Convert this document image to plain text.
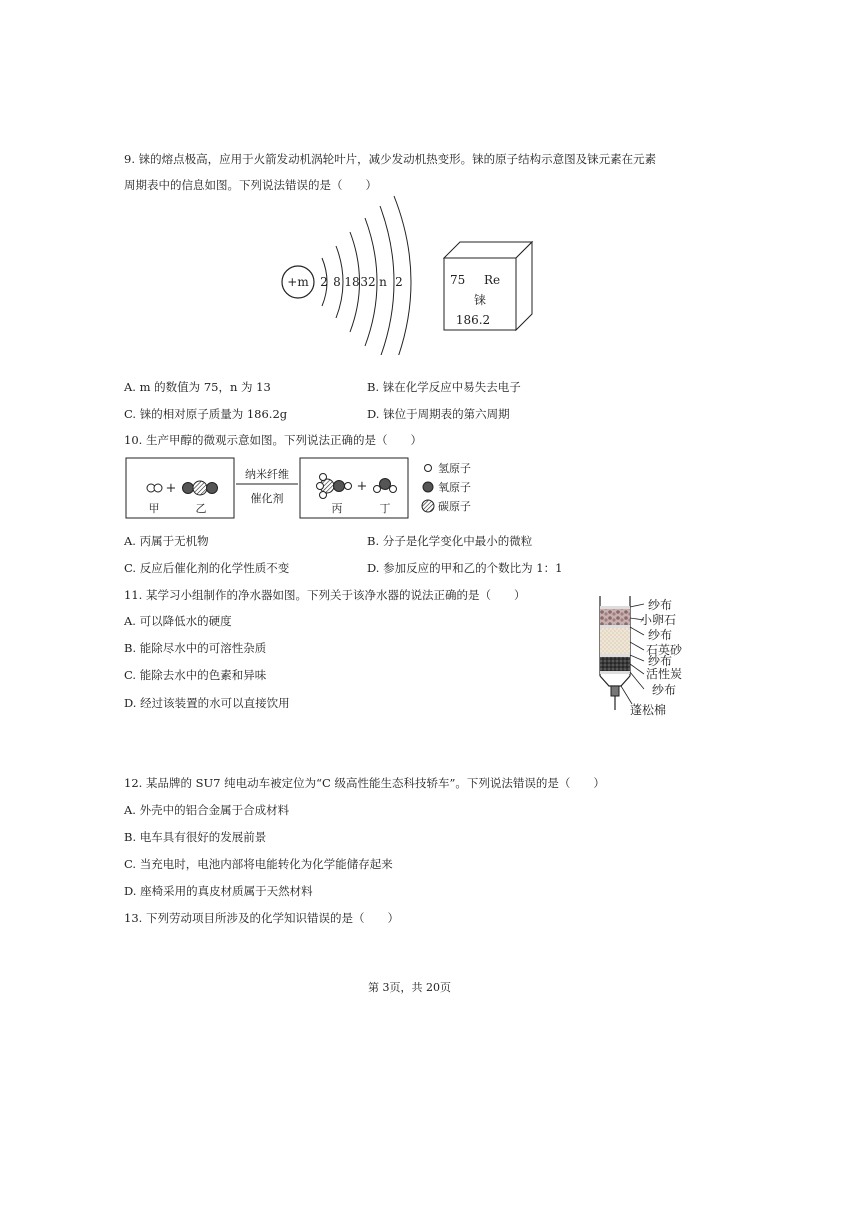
9. 铼的熔点极高，应用于火箭发动机涡轮叶片，减少发动机热变形。铼的原子结构示意图及铼元素在元素
周期表中的信息如图。下列说法错误的是（　　）
+m 2 8 18 32 n 2	75 Re
铼
186.2
A. m 的数值为 75，n 为 13	B. 铼在化学反应中易失去电子
C. 铼的相对原子质量为 186.2g	D. 铼位于周期表的第六周期
10. 生产甲醇的微观示意如图。下列说法正确的是（　　）
+
甲	乙
纳米纤维
催化剂
+
丙	丁
氢原子
氧原子
碳原子
A. 丙属于无机物	B. 分子是化学变化中最小的微粒
C. 反应后催化剂的化学性质不变	D. 参加反应的甲和乙的个数比为 1：1
11. 某学习小组制作的净水器如图。下列关于该净水器的说法正确的是（　　）
A. 可以降低水的硬度
B. 能除尽水中的可溶性杂质
C. 能除去水中的色素和异味
D. 经过该装置的水可以直接饮用
纱布
小卵石
纱布
石英砂
纱布
活性炭
纱布
蓬松棉
12. 某品牌的 SU7 纯电动车被定位为“C 级高性能生态科技轿车”。下列说法错误的是（　　）
A. 外壳中的铝合金属于合成材料
B. 电车具有很好的发展前景
C. 当充电时，电池内部将电能转化为化学能储存起来
D. 座椅采用的真皮材质属于天然材料
13. 下列劳动项目所涉及的化学知识错误的是（　　）
第 3页，共 20页
